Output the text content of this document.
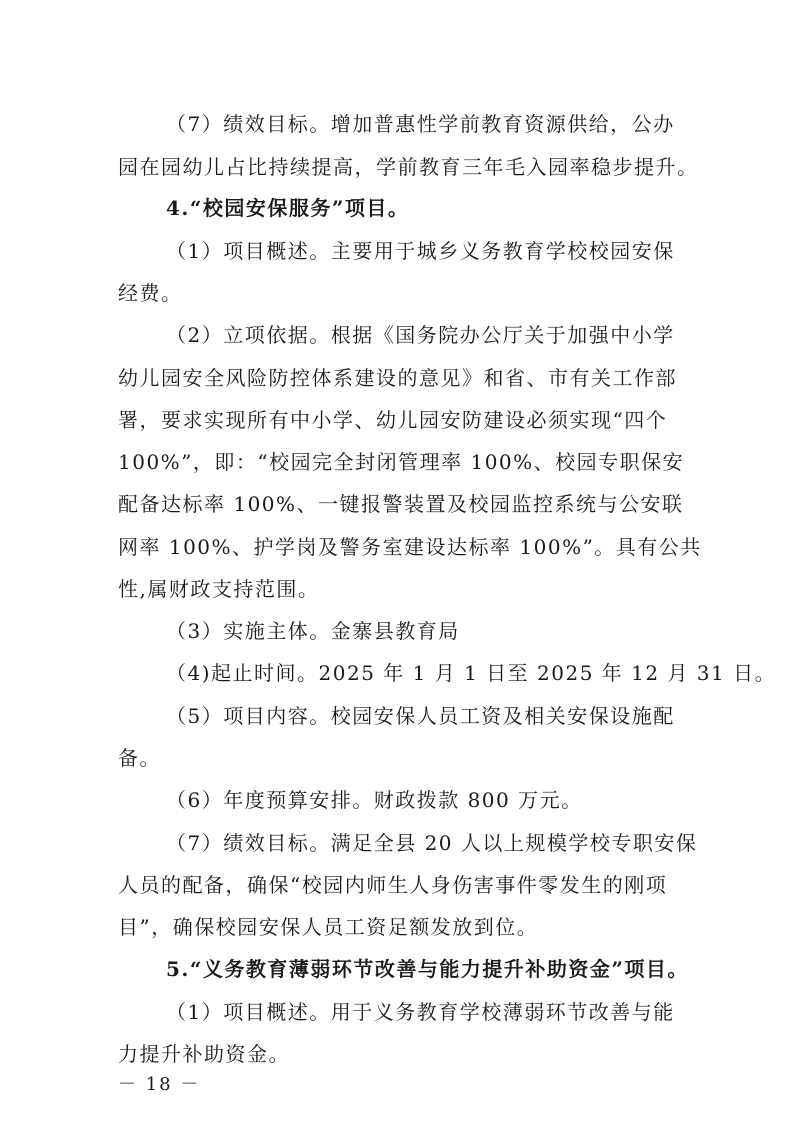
（7）绩效目标。增加普惠性学前教育资源供给，公办
园在园幼儿占比持续提高，学前教育三年毛入园率稳步提升。
4.“校园安保服务”项目。
（1）项目概述。主要用于城乡义务教育学校校园安保
经费。
（2）立项依据。根据《国务院办公厅关于加强中小学
幼儿园安全风险防控体系建设的意见》和省、市有关工作部
署，要求实现所有中小学、幼儿园安防建设必须实现“四个
100%”，即：“校园完全封闭管理率 100%、校园专职保安
配备达标率 100%、一键报警装置及校园监控系统与公安联
网率 100%、护学岗及警务室建设达标率 100%”。具有公共
性,属财政支持范围。
（3）实施主体。金寨县教育局
（4)起止时间。2025 年 1 月 1 日至 2025 年 12 月 31 日。
（5）项目内容。校园安保人员工资及相关安保设施配
备。
（6）年度预算安排。财政拨款 800 万元。
（7）绩效目标。满足全县 20 人以上规模学校专职安保
人员的配备，确保“校园内师生人身伤害事件零发生的刚项
目”，确保校园安保人员工资足额发放到位。
5.“义务教育薄弱环节改善与能力提升补助资金”项目。
（1）项目概述。用于义务教育学校薄弱环节改善与能
力提升补助资金。
－ 18 －
